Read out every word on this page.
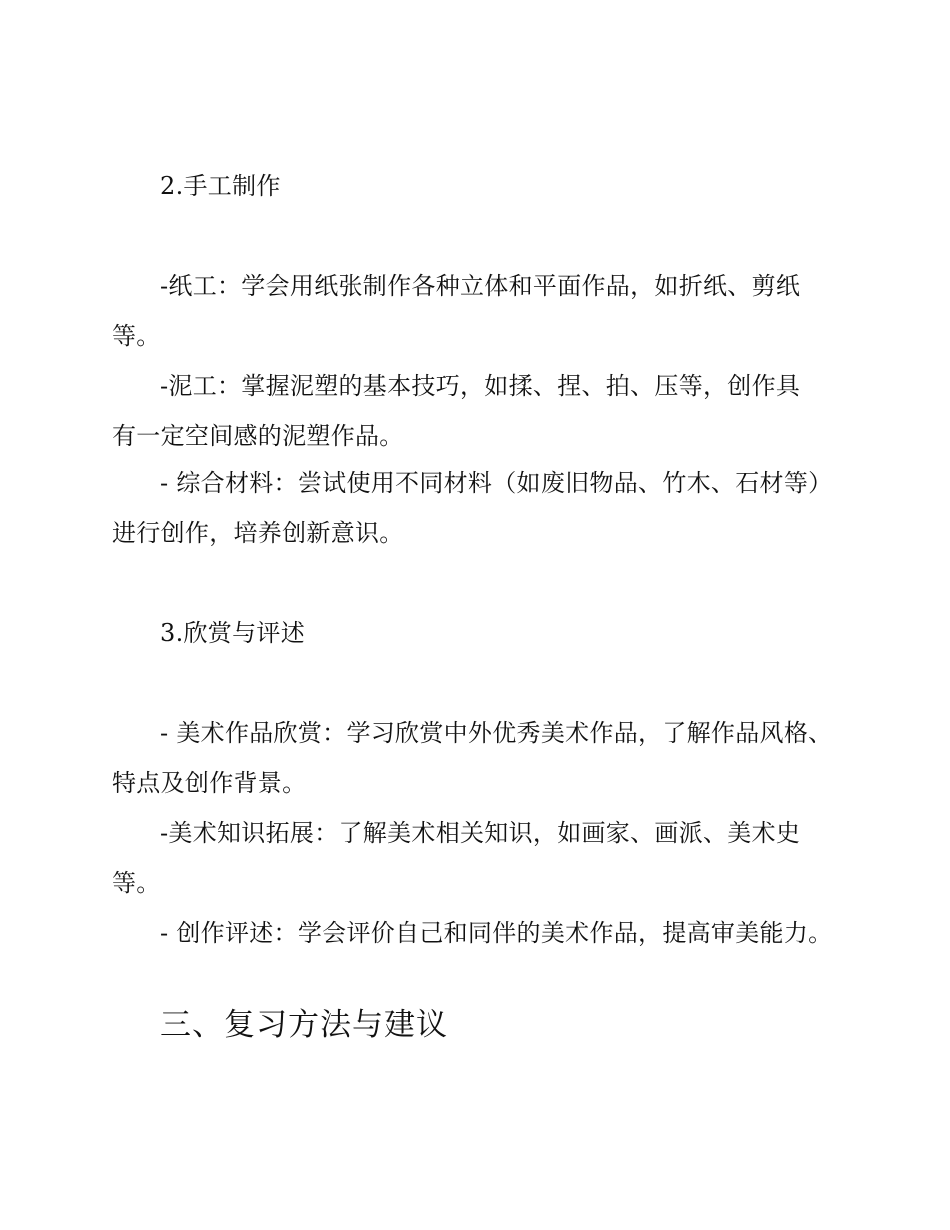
2.手工制作
-纸工：学会用纸张制作各种立体和平面作品，如折纸、剪纸
等。
-泥工：掌握泥塑的基本技巧，如揉、捏、拍、压等，创作具
有一定空间感的泥塑作品。
- 综合材料：尝试使用不同材料（如废旧物品、竹木、石材等）
进行创作，培养创新意识。
3.欣赏与评述
- 美术作品欣赏：学习欣赏中外优秀美术作品，了解作品风格、
特点及创作背景。
-美术知识拓展：了解美术相关知识，如画家、画派、美术史
等。
- 创作评述：学会评价自己和同伴的美术作品，提高审美能力。
三、复习方法与建议
